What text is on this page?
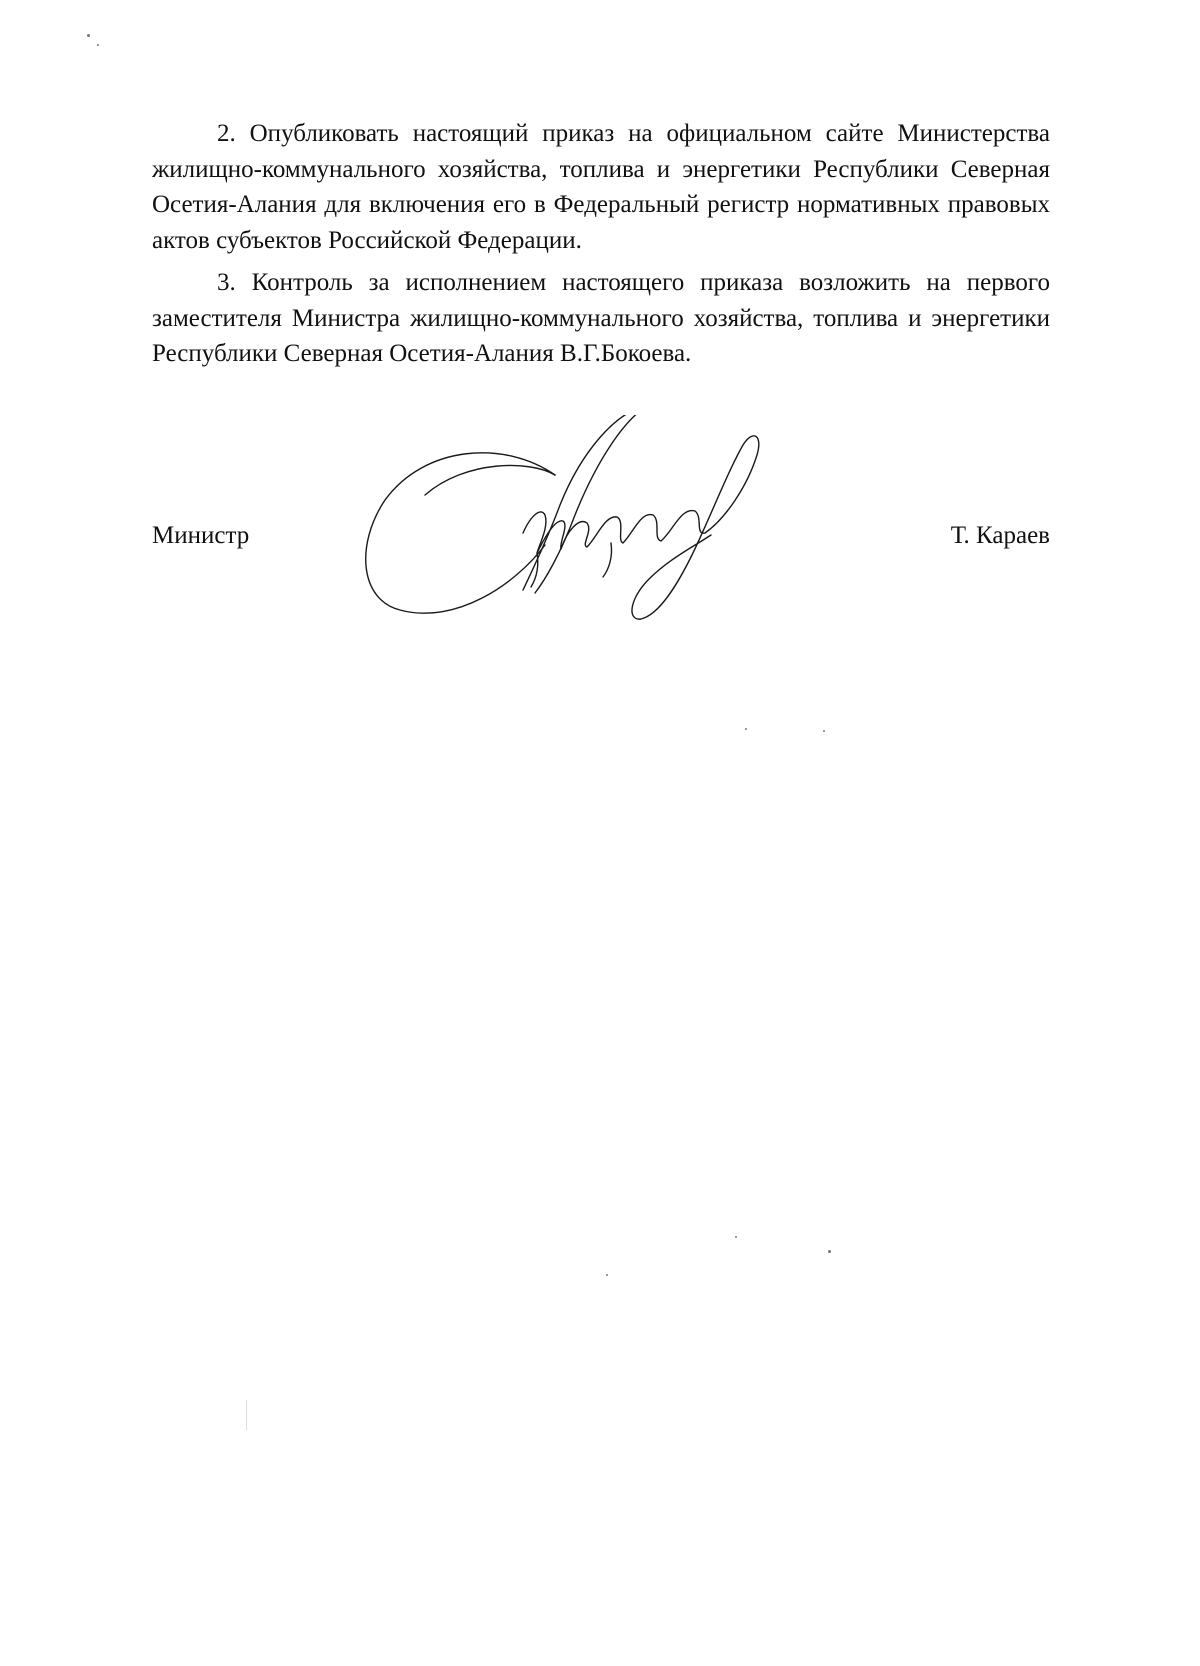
2. Опубликовать настоящий приказ на официальном сайте Министерства жилищно-коммунального хозяйства, топлива и энергетики Республики Северная Осетия-Алания для включения его в Федеральный регистр нормативных правовых актов субъектов Российской Федерации.

3. Контроль за исполнением настоящего приказа возложить на первого заместителя Министра жилищно-коммунального хозяйства, топлива и энергетики Республики Северная Осетия-Алания В.Г.Бокоева.

Министр	Т. Караев
